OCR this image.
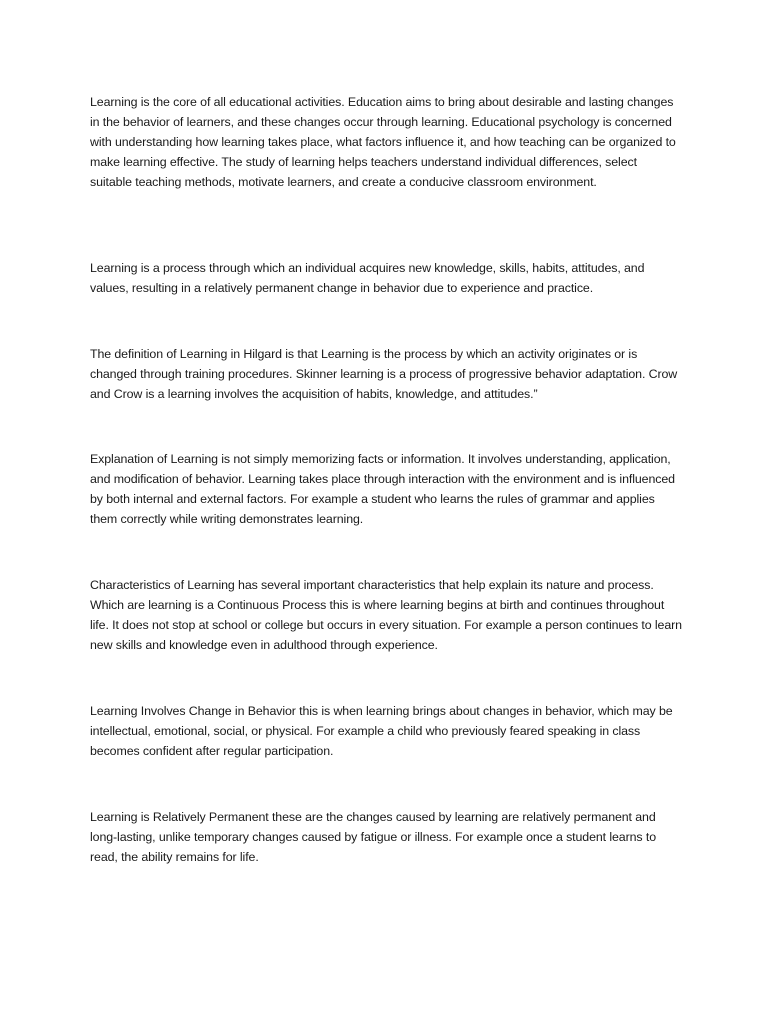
Learning is the core of all educational activities. Education aims to bring about desirable and lasting changes in the behavior of learners, and these changes occur through learning. Educational psychology is concerned with understanding how learning takes place, what factors influence it, and how teaching can be organized to make learning effective. The study of learning helps teachers understand individual differences, select suitable teaching methods, motivate learners, and create a conducive classroom environment.

Learning is a process through which an individual acquires new knowledge, skills, habits, attitudes, and values, resulting in a relatively permanent change in behavior due to experience and practice.

The definition of Learning in Hilgard is that Learning is the process by which an activity originates or is changed through training procedures. Skinner learning is a process of progressive behavior adaptation. Crow and Crow is a learning involves the acquisition of habits, knowledge, and attitudes.”

Explanation of Learning is not simply memorizing facts or information. It involves understanding, application, and modification of behavior. Learning takes place through interaction with the environment and is influenced by both internal and external factors. For example a student who learns the rules of grammar and applies them correctly while writing demonstrates learning.

Characteristics of Learning has several important characteristics that help explain its nature and process. Which are learning is a Continuous Process this is where learning begins at birth and continues throughout life. It does not stop at school or college but occurs in every situation. For example a person continues to learn new skills and knowledge even in adulthood through experience.

Learning Involves Change in Behavior this is when learning brings about changes in behavior, which may be intellectual, emotional, social, or physical. For example a child who previously feared speaking in class becomes confident after regular participation.

Learning is Relatively Permanent these are the changes caused by learning are relatively permanent and long-lasting, unlike temporary changes caused by fatigue or illness. For example once a student learns to read, the ability remains for life.
